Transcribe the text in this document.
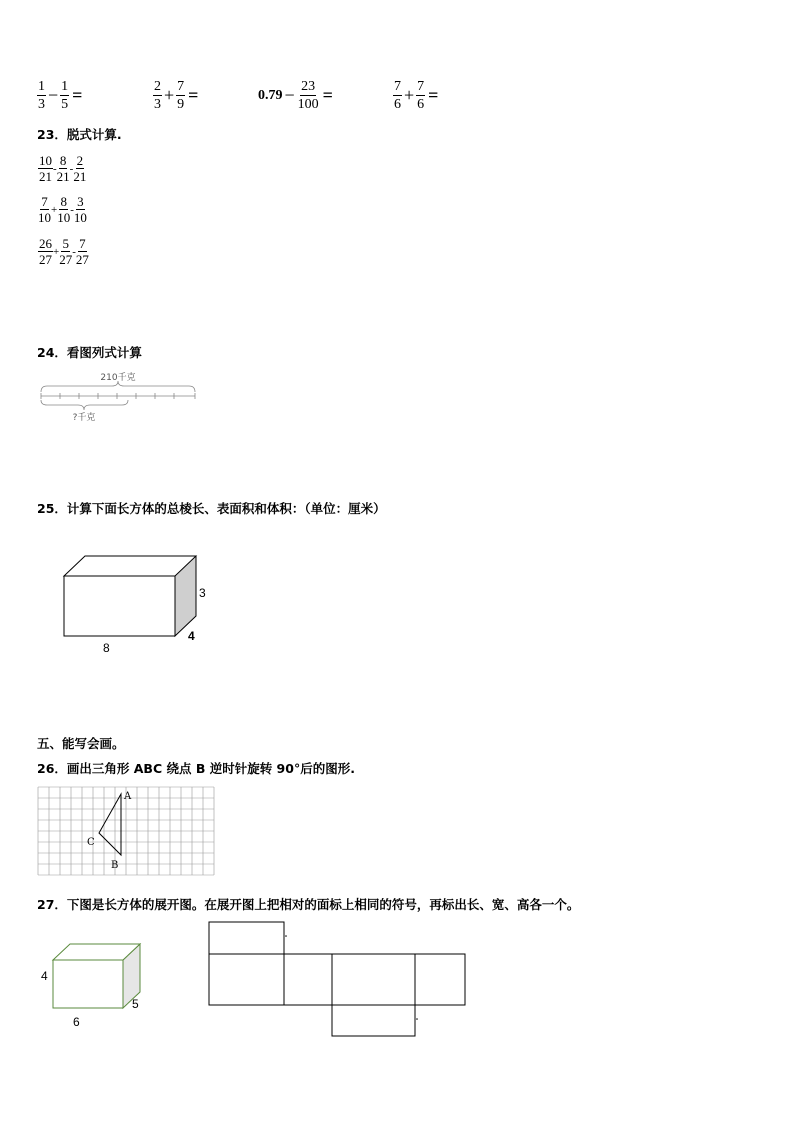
$\frac{1}{3} - \frac{1}{5}$ =	$\frac{2}{3} + \frac{7}{9}$ =	$0.79 - \frac{23}{100}$ =	$\frac{7}{6} + \frac{7}{6}$ =
23．脱式计算.
$\frac{10}{21} - \frac{8}{21} - \frac{2}{21}$
$\frac{7}{10} + \frac{8}{10} - \frac{3}{10}$
$\frac{26}{27} + \frac{5}{27} - \frac{7}{27}$
24．看图列式计算
210千克
?千克
25．计算下面长方体的总棱长、表面积和体积：（单位：厘米）
8
4
3
五、能写会画。
26．画出三角形 ABC 绕点 B 逆时针旋转 90°后的图形.
A
B
C
27．下图是长方体的展开图。在展开图上把相对的面标上相同的符号，再标出长、宽、高各一个。
4
6
5
